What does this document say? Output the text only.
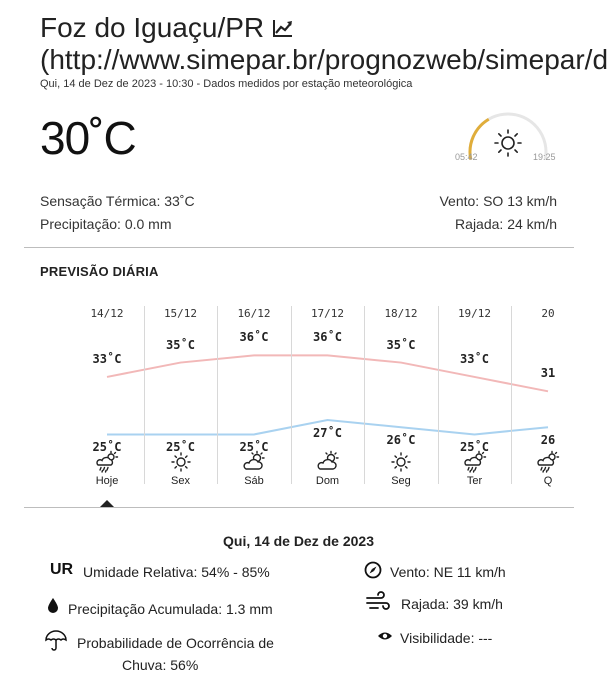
Foz do Iguaçu/PR
(http://www.simepar.br/prognozweb/simepar/d
Qui, 14 de Dez de 2023 - 10:30 - Dados medidos por estação meteorológica
30˚C	05:42	19:25
Sensação Térmica: 33˚C
Precipitação: 0.0 mm
Vento: SO 13 km/h
Rajada: 24 km/h
PREVISÃO DIÁRIA
14/12
33˚C
25˚C
Hoje
15/12
35˚C
25˚C
Sex
16/12
36˚C
25˚C
Sáb
17/12
36˚C
27˚C
Dom
18/12
35˚C
26˚C
Seg
19/12
33˚C
25˚C
Ter
20
31
26
Q
Qui, 14 de Dez de 2023
UR Umidade Relativa: 54% - 85%
Precipitação Acumulada: 1.3 mm
Probabilidade de Ocorrência de
Chuva: 56%
Vento: NE 11 km/h
Rajada: 39 km/h
Visibilidade: ---
